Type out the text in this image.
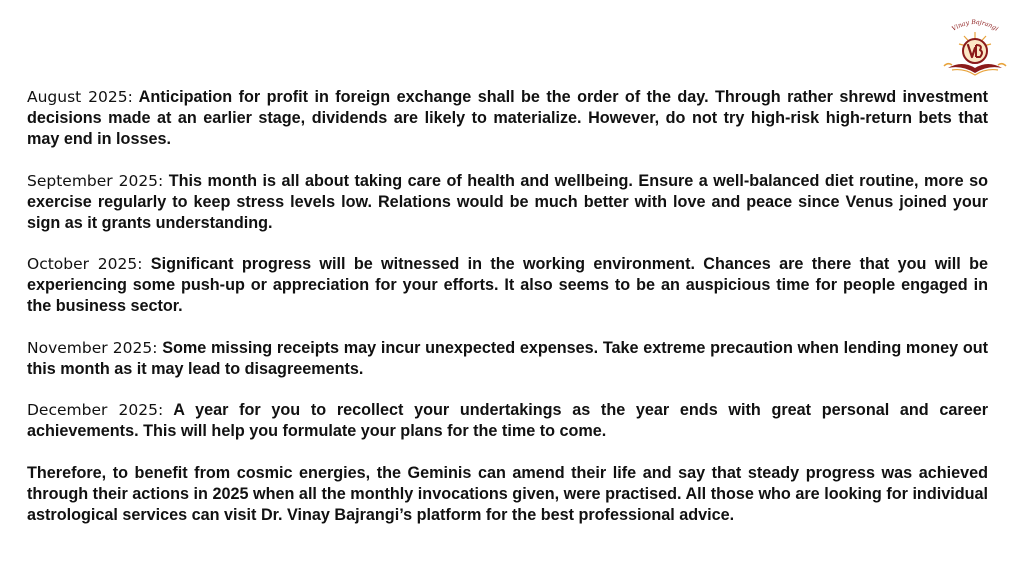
Vinay Bajrangi

August 2025: Anticipation for profit in foreign exchange shall be the order of the day. Through rather shrewd investment decisions made at an earlier stage, dividends are likely to materialize. However, do not try high-risk high-return bets that may end in losses.

September 2025: This month is all about taking care of health and wellbeing. Ensure a well-balanced diet routine, more so exercise regularly to keep stress levels low. Relations would be much better with love and peace since Venus joined your sign as it grants understanding.

October 2025: Significant progress will be witnessed in the working environment. Chances are there that you will be experiencing some push-up or appreciation for your efforts. It also seems to be an auspicious time for people engaged in the business sector.

November 2025: Some missing receipts may incur unexpected expenses. Take extreme precaution when lending money out this month as it may lead to disagreements.

December 2025: A year for you to recollect your undertakings as the year ends with great personal and career achievements. This will help you formulate your plans for the time to come.

Therefore, to benefit from cosmic energies, the Geminis can amend their life and say that steady progress was achieved through their actions in 2025 when all the monthly invocations given, were practised. All those who are looking for individual astrological services can visit Dr. Vinay Bajrangi’s platform for the best professional advice.
